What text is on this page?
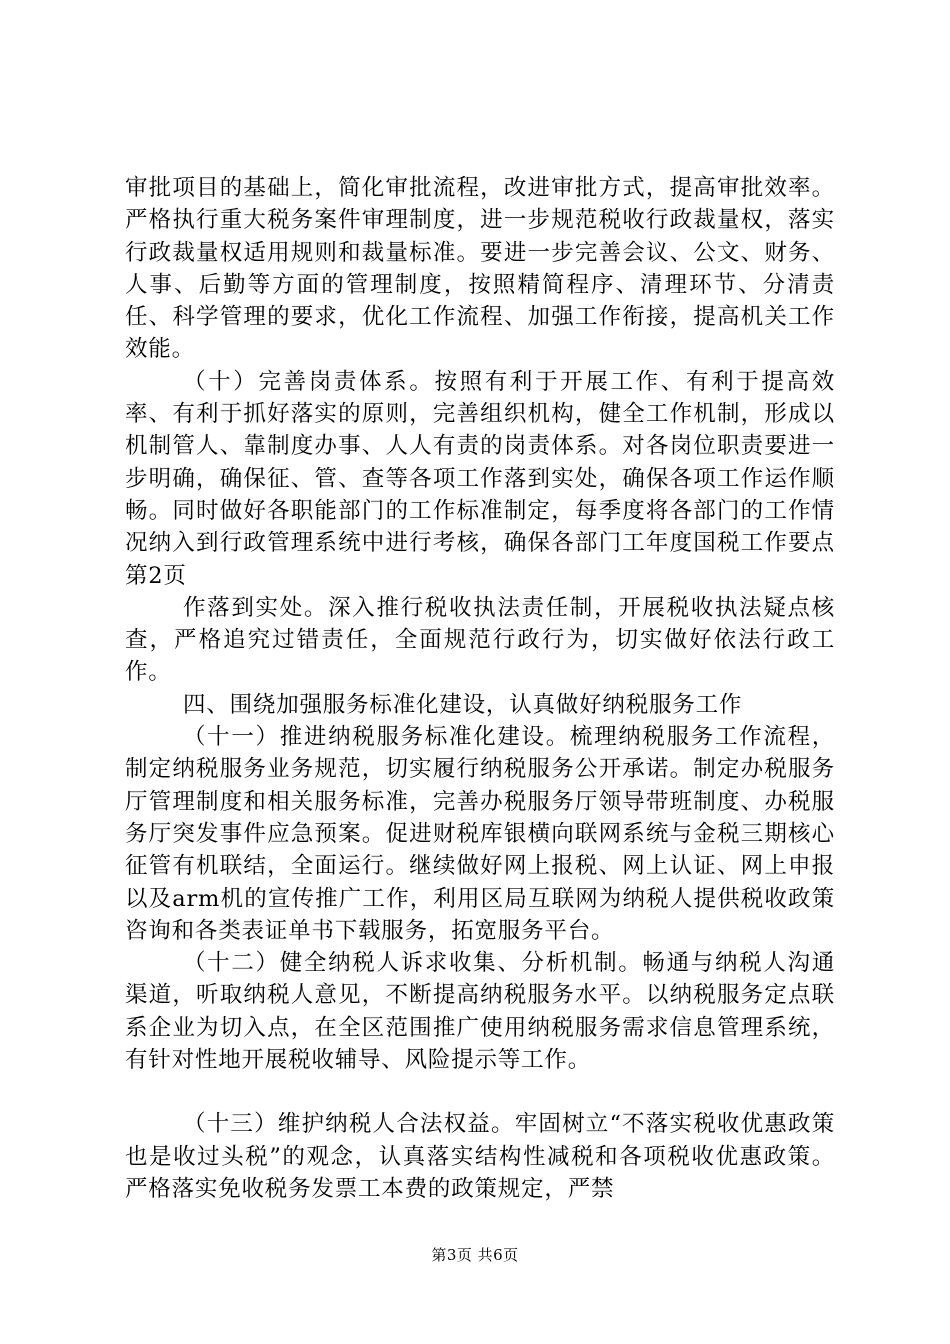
审批项目的基础上，简化审批流程，改进审批方式，提高审批效率。严格执行重大税务案件审理制度，进一步规范税收行政裁量权，落实行政裁量权适用规则和裁量标准。要进一步完善会议、公文、财务、人事、后勤等方面的管理制度，按照精简程序、清理环节、分清责任、科学管理的要求，优化工作流程、加强工作衔接，提高机关工作效能。

（十）完善岗责体系。按照有利于开展工作、有利于提高效率、有利于抓好落实的原则，完善组织机构，健全工作机制，形成以机制管人、靠制度办事、人人有责的岗责体系。对各岗位职责要进一步明确，确保征、管、查等各项工作落到实处，确保各项工作运作顺畅。同时做好各职能部门的工作标准制定，每季度将各部门的工作情况纳入到行政管理系统中进行考核，确保各部门工年度国税工作要点第2页

作落到实处。深入推行税收执法责任制，开展税收执法疑点核查，严格追究过错责任，全面规范行政行为，切实做好依法行政工作。

四、围绕加强服务标准化建设，认真做好纳税服务工作

（十一）推进纳税服务标准化建设。梳理纳税服务工作流程，制定纳税服务业务规范，切实履行纳税服务公开承诺。制定办税服务厅管理制度和相关服务标准，完善办税服务厅领导带班制度、办税服务厅突发事件应急预案。促进财税库银横向联网系统与金税三期核心征管有机联结，全面运行。继续做好网上报税、网上认证、网上申报以及arm机的宣传推广工作，利用区局互联网为纳税人提供税收政策咨询和各类表证单书下载服务，拓宽服务平台。

（十二）健全纳税人诉求收集、分析机制。畅通与纳税人沟通渠道，听取纳税人意见，不断提高纳税服务水平。以纳税服务定点联系企业为切入点，在全区范围推广使用纳税服务需求信息管理系统，有针对性地开展税收辅导、风险提示等工作。

（十三）维护纳税人合法权益。牢固树立“不落实税收优惠政策也是收过头税”的观念，认真落实结构性减税和各项税收优惠政策。严格落实免收税务发票工本费的政策规定，严禁

第3页 共6页
